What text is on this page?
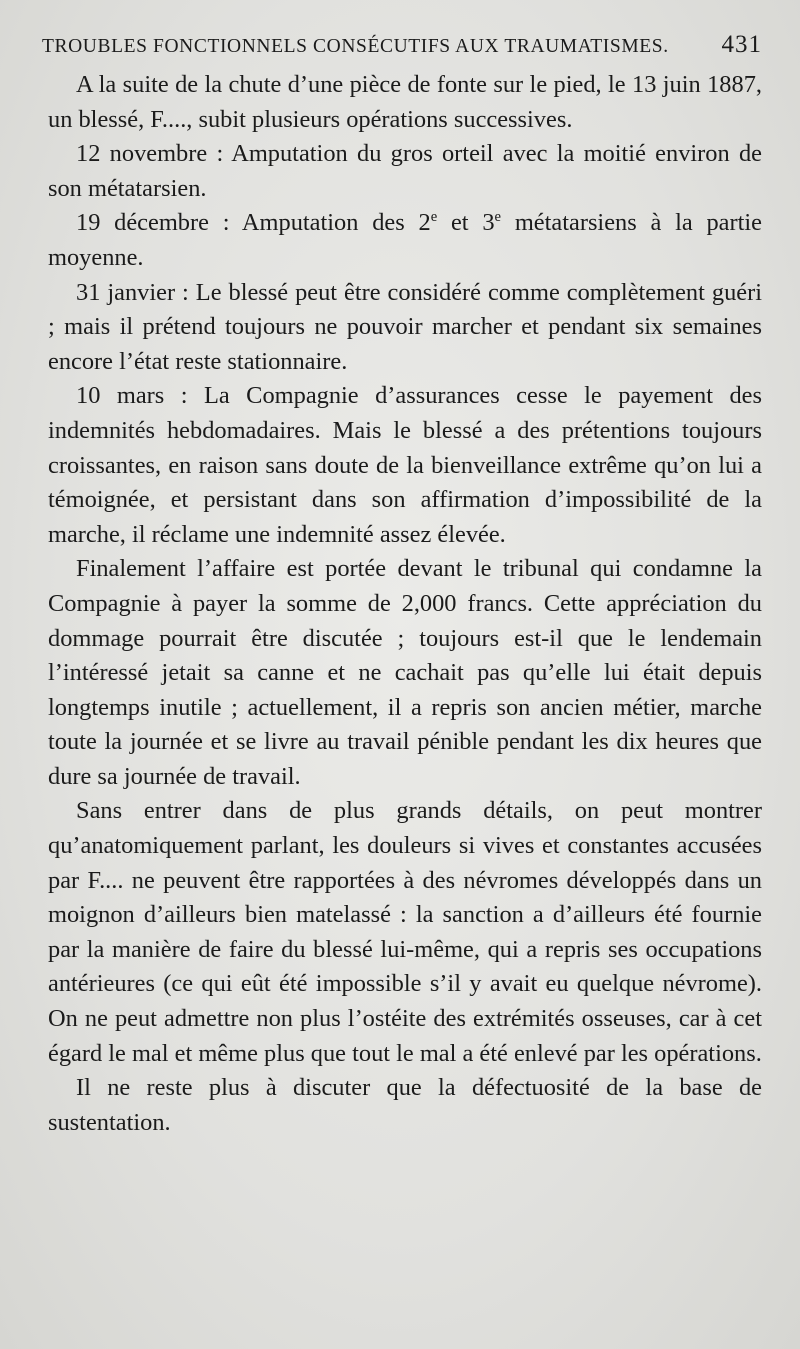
TROUBLES FONCTIONNELS CONSÉCUTIFS AUX TRAUMATISMES. 431

A la suite de la chute d’une pièce de fonte sur le pied, le 13 juin 1887, un blessé, F...., subit plusieurs opérations successives.

12 novembre : Amputation du gros orteil avec la moitié environ de son métatarsien.

19 décembre : Amputation des 2e et 3e métatarsiens à la partie moyenne.

31 janvier : Le blessé peut être considéré comme complètement guéri ; mais il prétend toujours ne pouvoir marcher et pendant six semaines encore l’état reste stationnaire.

10 mars : La Compagnie d’assurances cesse le payement des indemnités hebdomadaires. Mais le blessé a des prétentions toujours croissantes, en raison sans doute de la bienveillance extrême qu’on lui a témoignée, et persistant dans son affirmation d’impossibilité de la marche, il réclame une indemnité assez élevée.

Finalement l’affaire est portée devant le tribunal qui condamne la Compagnie à payer la somme de 2,000 francs. Cette appréciation du dommage pourrait être discutée ; toujours est-il que le lendemain l’intéressé jetait sa canne et ne cachait pas qu’elle lui était depuis longtemps inutile ; actuellement, il a repris son ancien métier, marche toute la journée et se livre au travail pénible pendant les dix heures que dure sa journée de travail.

Sans entrer dans de plus grands détails, on peut montrer qu’anatomiquement parlant, les douleurs si vives et constantes accusées par F.... ne peuvent être rapportées à des névromes développés dans un moignon d’ailleurs bien matelassé : la sanction a d’ailleurs été fournie par la manière de faire du blessé lui-même, qui a repris ses occupations antérieures (ce qui eût été impossible s’il y avait eu quelque névrome). On ne peut admettre non plus l’ostéite des extrémités osseuses, car à cet égard le mal et même plus que tout le mal a été enlevé par les opérations.

Il ne reste plus à discuter que la défectuosité de la base de sustentation.
